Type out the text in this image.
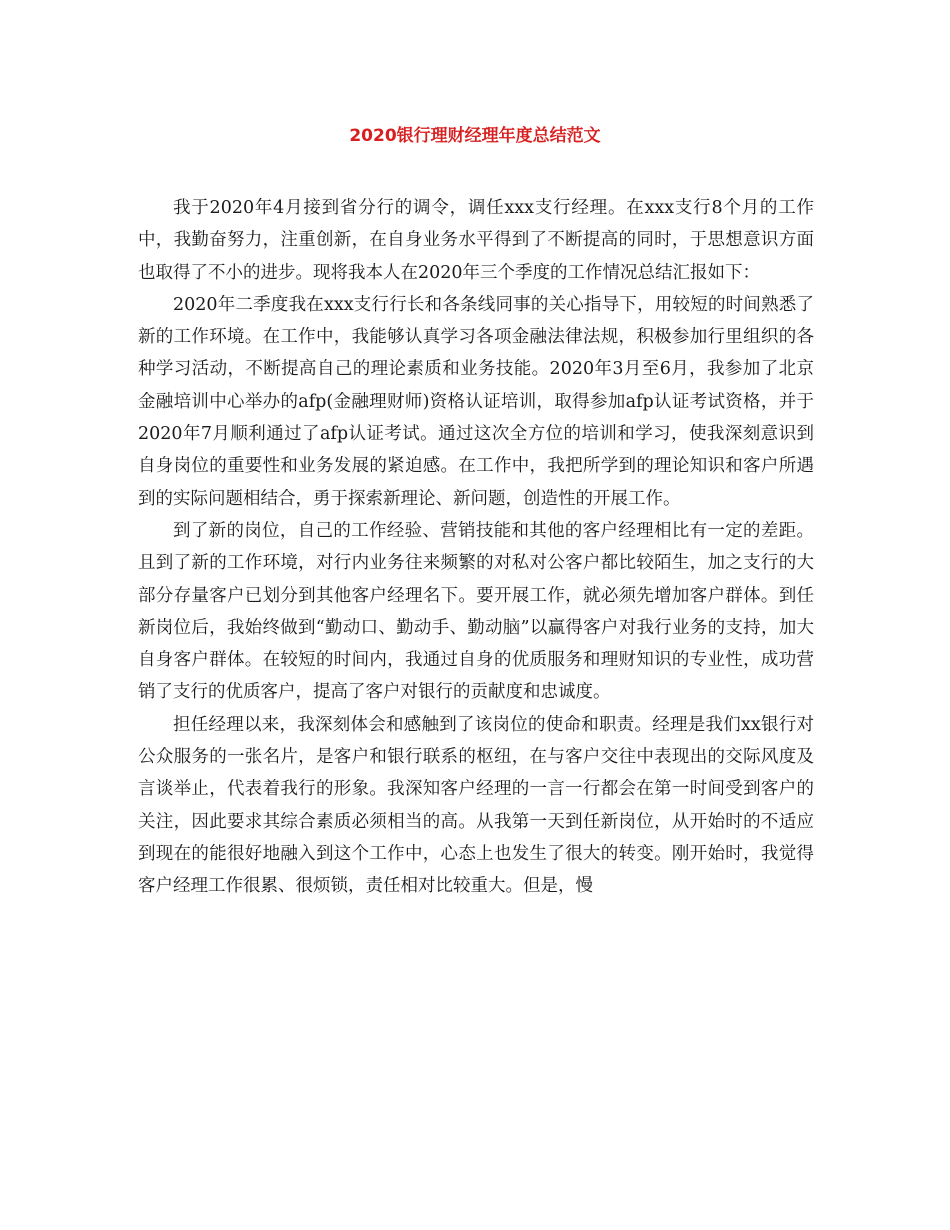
2020银行理财经理年度总结范文

我于2020年4月接到省分行的调令，调任xxx支行经理。在xxx支行8个月的工作中，我勤奋努力，注重创新，在自身业务水平得到了不断提高的同时，于思想意识方面也取得了不小的进步。现将我本人在2020年三个季度的工作情况总结汇报如下：

2020年二季度我在xxx支行行长和各条线同事的关心指导下，用较短的时间熟悉了新的工作环境。在工作中，我能够认真学习各项金融法律法规，积极参加行里组织的各种学习活动，不断提高自己的理论素质和业务技能。2020年3月至6月，我参加了北京金融培训中心举办的afp(金融理财师)资格认证培训，取得参加afp认证考试资格，并于2020年7月顺利通过了afp认证考试。通过这次全方位的培训和学习，使我深刻意识到自身岗位的重要性和业务发展的紧迫感。在工作中，我把所学到的理论知识和客户所遇到的实际问题相结合，勇于探索新理论、新问题，创造性的开展工作。

到了新的岗位，自己的工作经验、营销技能和其他的客户经理相比有一定的差距。且到了新的工作环境，对行内业务往来频繁的对私对公客户都比较陌生，加之支行的大部分存量客户已划分到其他客户经理名下。要开展工作，就必须先增加客户群体。到任新岗位后，我始终做到“勤动口、勤动手、勤动脑”以赢得客户对我行业务的支持，加大自身客户群体。在较短的时间内，我通过自身的优质服务和理财知识的专业性，成功营销了支行的优质客户，提高了客户对银行的贡献度和忠诚度。

担任经理以来，我深刻体会和感触到了该岗位的使命和职责。经理是我们xx银行对公众服务的一张名片，是客户和银行联系的枢纽，在与客户交往中表现出的交际风度及言谈举止，代表着我行的形象。我深知客户经理的一言一行都会在第一时间受到客户的关注，因此要求其综合素质必须相当的高。从我第一天到任新岗位，从开始时的不适应到现在的能很好地融入到这个工作中，心态上也发生了很大的转变。刚开始时，我觉得客户经理工作很累、很烦锁，责任相对比较重大。但是，慢
